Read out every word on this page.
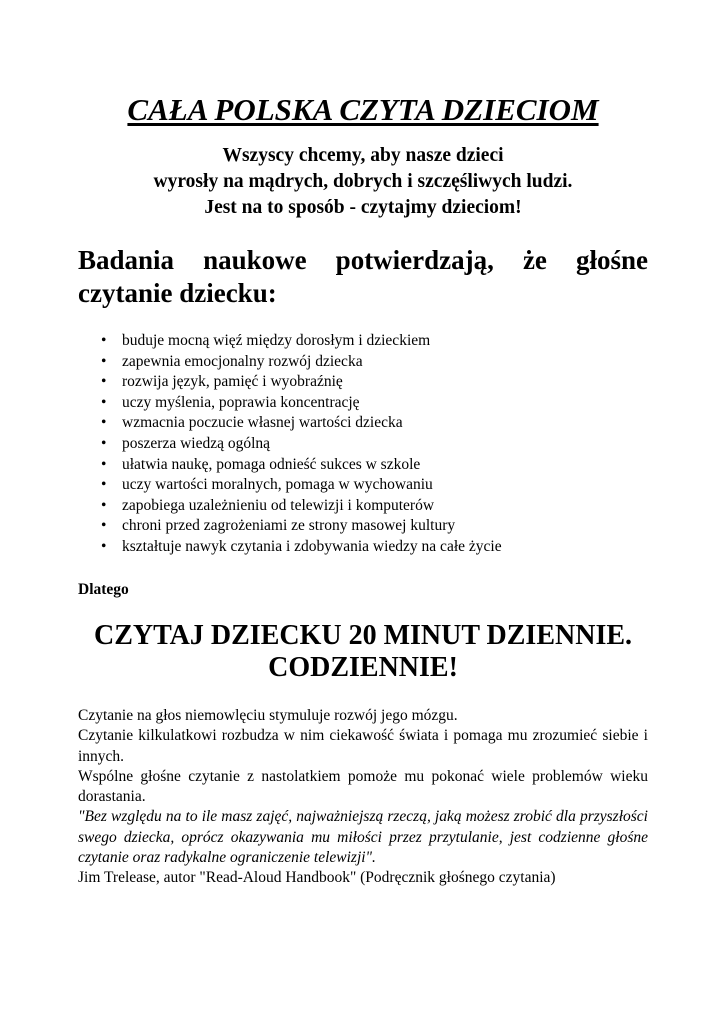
CAŁA POLSKA CZYTA DZIECIOM
Wszyscy chcemy, aby nasze dzieci
wyrosły na mądrych, dobrych i szczęśliwych ludzi.
Jest na to sposób - czytajmy dzieciom!
Badania naukowe potwierdzają, że głośne
czytanie dziecku:
• buduje mocną więź między dorosłym i dzieckiem
• zapewnia emocjonalny rozwój dziecka
• rozwija język, pamięć i wyobraźnię
• uczy myślenia, poprawia koncentrację
• wzmacnia poczucie własnej wartości dziecka
• poszerza wiedzą ogólną
• ułatwia naukę, pomaga odnieść sukces w szkole
• uczy wartości moralnych, pomaga w wychowaniu
• zapobiega uzależnieniu od telewizji i komputerów
• chroni przed zagrożeniami ze strony masowej kultury
• kształtuje nawyk czytania i zdobywania wiedzy na całe życie
Dlatego
CZYTAJ DZIECKU 20 MINUT DZIENNIE.
CODZIENNIE!

Czytanie na głos niemowlęciu stymuluje rozwój jego mózgu.

Czytanie kilkulatkowi rozbudza w nim ciekawość świata i pomaga mu zrozumieć siebie i innych.

Wspólne głośne czytanie z nastolatkiem pomoże mu pokonać wiele problemów wieku dorastania.

"Bez względu na to ile masz zajęć, najważniejszą rzeczą, jaką możesz zrobić dla przyszłości swego dziecka, oprócz okazywania mu miłości przez przytulanie, jest codzienne głośne czytanie oraz radykalne ograniczenie telewizji".

Jim Trelease, autor "Read-Aloud Handbook" (Podręcznik głośnego czytania)
